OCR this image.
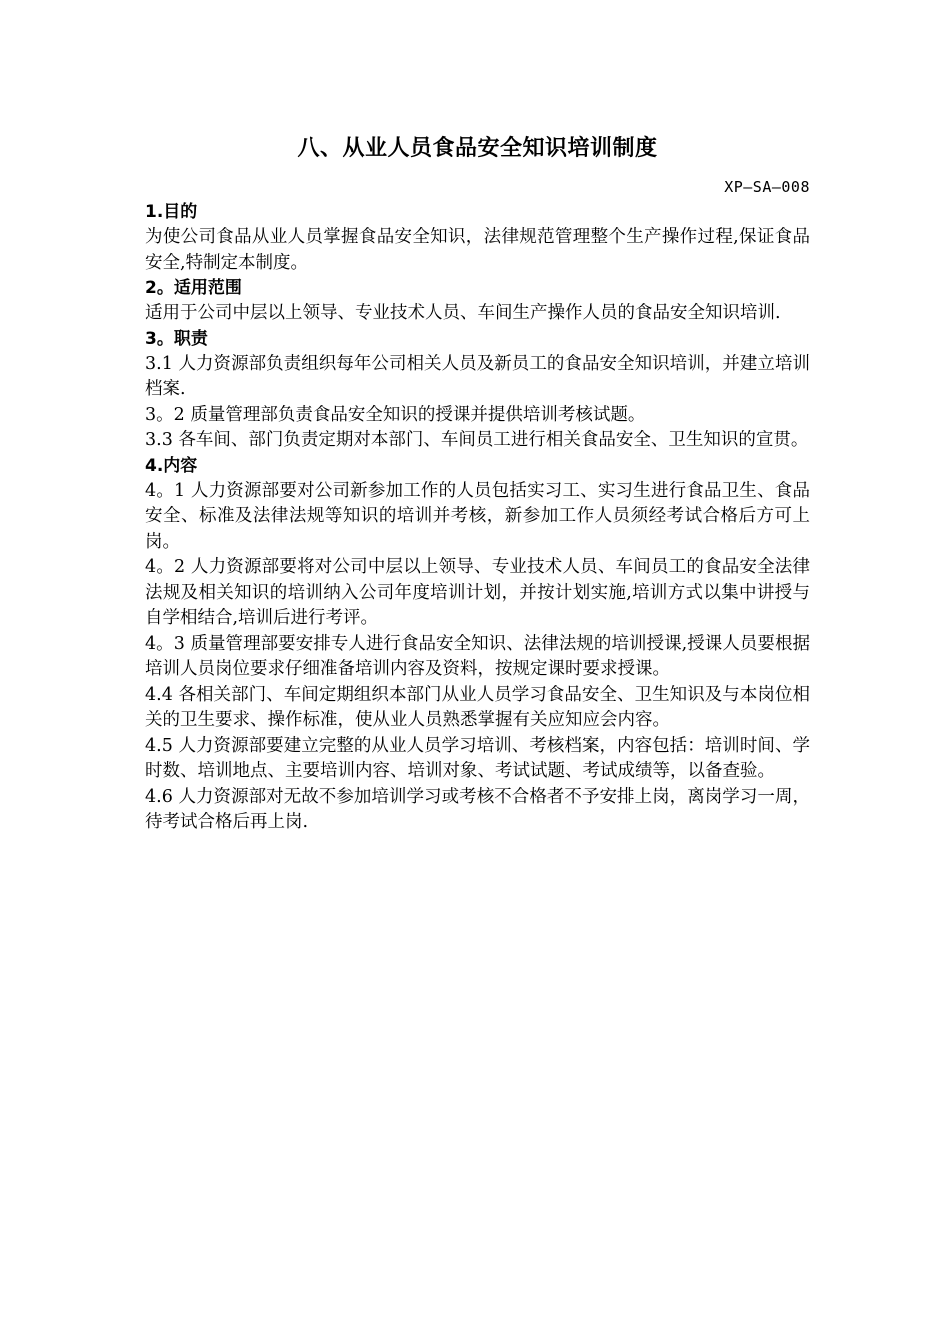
八、从业人员食品安全知识培训制度
XP—SA—008
1.目的

为使公司食品从业人员掌握食品安全知识，法律规范管理整个生产操作过程,保证食品安全,特制定本制度。

2。适用范围

适用于公司中层以上领导、专业技术人员、车间生产操作人员的食品安全知识培训.

3。职责

3.1 人力资源部负责组织每年公司相关人员及新员工的食品安全知识培训，并建立培训档案.

3。2 质量管理部负责食品安全知识的授课并提供培训考核试题。

3.3 各车间、部门负责定期对本部门、车间员工进行相关食品安全、卫生知识的宣贯。

4.内容

4。1 人力资源部要对公司新参加工作的人员包括实习工、实习生进行食品卫生、食品安全、标准及法律法规等知识的培训并考核，新参加工作人员须经考试合格后方可上岗。

4。2 人力资源部要将对公司中层以上领导、专业技术人员、车间员工的食品安全法律法规及相关知识的培训纳入公司年度培训计划，并按计划实施,培训方式以集中讲授与自学相结合,培训后进行考评。

4。3 质量管理部要安排专人进行食品安全知识、法律法规的培训授课,授课人员要根据培训人员岗位要求仔细准备培训内容及资料，按规定课时要求授课。

4.4 各相关部门、车间定期组织本部门从业人员学习食品安全、卫生知识及与本岗位相关的卫生要求、操作标准，使从业人员熟悉掌握有关应知应会内容。

4.5 人力资源部要建立完整的从业人员学习培训、考核档案，内容包括：培训时间、学时数、培训地点、主要培训内容、培训对象、考试试题、考试成绩等，以备查验。

4.6 人力资源部对无故不参加培训学习或考核不合格者不予安排上岗，离岗学习一周，待考试合格后再上岗.
